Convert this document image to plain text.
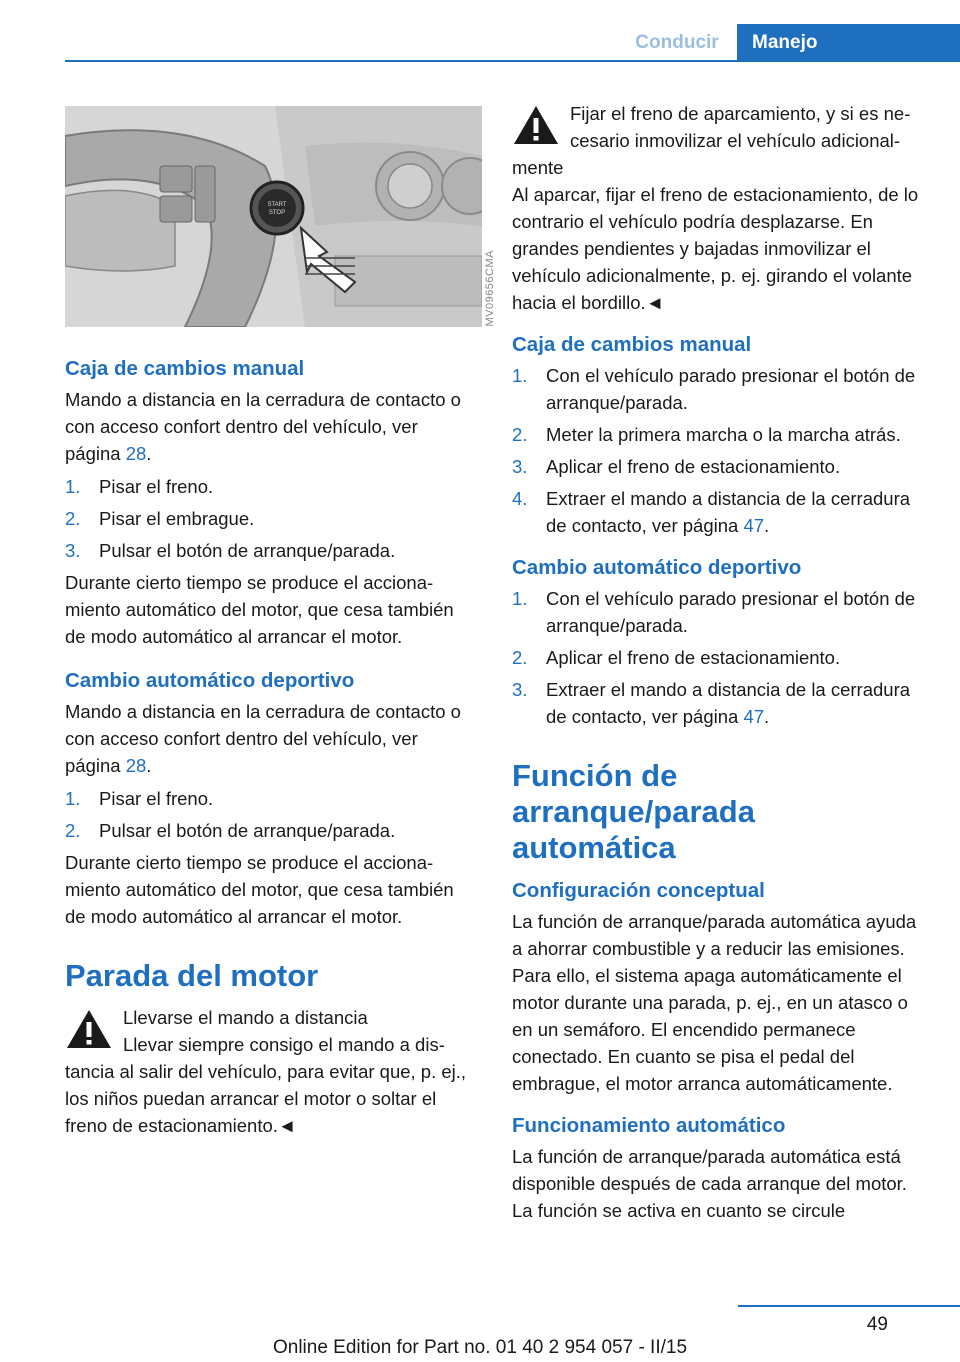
Conducir	Manejo
START
STOP
MV09656CMA
Caja de cambios manual

Mando a distancia en la cerradura de contacto o con acceso confort dentro del vehículo, ver página 28.

1. Pisar el freno.
2. Pisar el embrague.
3. Pulsar el botón de arranque/parada.

Durante cierto tiempo se produce el accionamiento automático del motor, que cesa también de modo automático al arrancar el motor.

Cambio automático deportivo

Mando a distancia en la cerradura de contacto o con acceso confort dentro del vehículo, ver página 28.

1. Pisar el freno.
2. Pulsar el botón de arranque/parada.

Durante cierto tiempo se produce el accionamiento automático del motor, que cesa también de modo automático al arrancar el motor.

Parada del motor
Llevarse el mando a distancia

Llevar siempre consigo el mando a distancia al salir del vehículo, para evitar que, p. ej., los niños puedan arrancar el motor o soltar el freno de estacionamiento.◄

Fijar el freno de aparcamiento, y si es necesario inmovilizar el vehículo adicionalmente

Al aparcar, fijar el freno de estacionamiento, de lo contrario el vehículo podría desplazarse. En grandes pendientes y bajadas inmovilizar el vehículo adicionalmente, p. ej. girando el volante hacia el bordillo.◄

Caja de cambios manual
1. Con el vehículo parado presionar el botón de arranque/parada.
2. Meter la primera marcha o la marcha atrás.
3. Aplicar el freno de estacionamiento.
4. Extraer el mando a distancia de la cerradura de contacto, ver página 47.
Cambio automático deportivo
1. Con el vehículo parado presionar el botón de arranque/parada.
2. Aplicar el freno de estacionamiento.
3. Extraer el mando a distancia de la cerradura de contacto, ver página 47.
Función de arranque/parada automática
Configuración conceptual

La función de arranque/parada automática ayuda a ahorrar combustible y a reducir las emisiones. Para ello, el sistema apaga automáticamente el motor durante una parada, p. ej., en un atasco o en un semáforo. El encendido permanece conectado. En cuanto se pisa el pedal del embrague, el motor arranca automáticamente.

Funcionamiento automático

La función de arranque/parada automática está disponible después de cada arranque del motor. La función se activa en cuanto se circule

49
Online Edition for Part no. 01 40 2 954 057 - II/15
